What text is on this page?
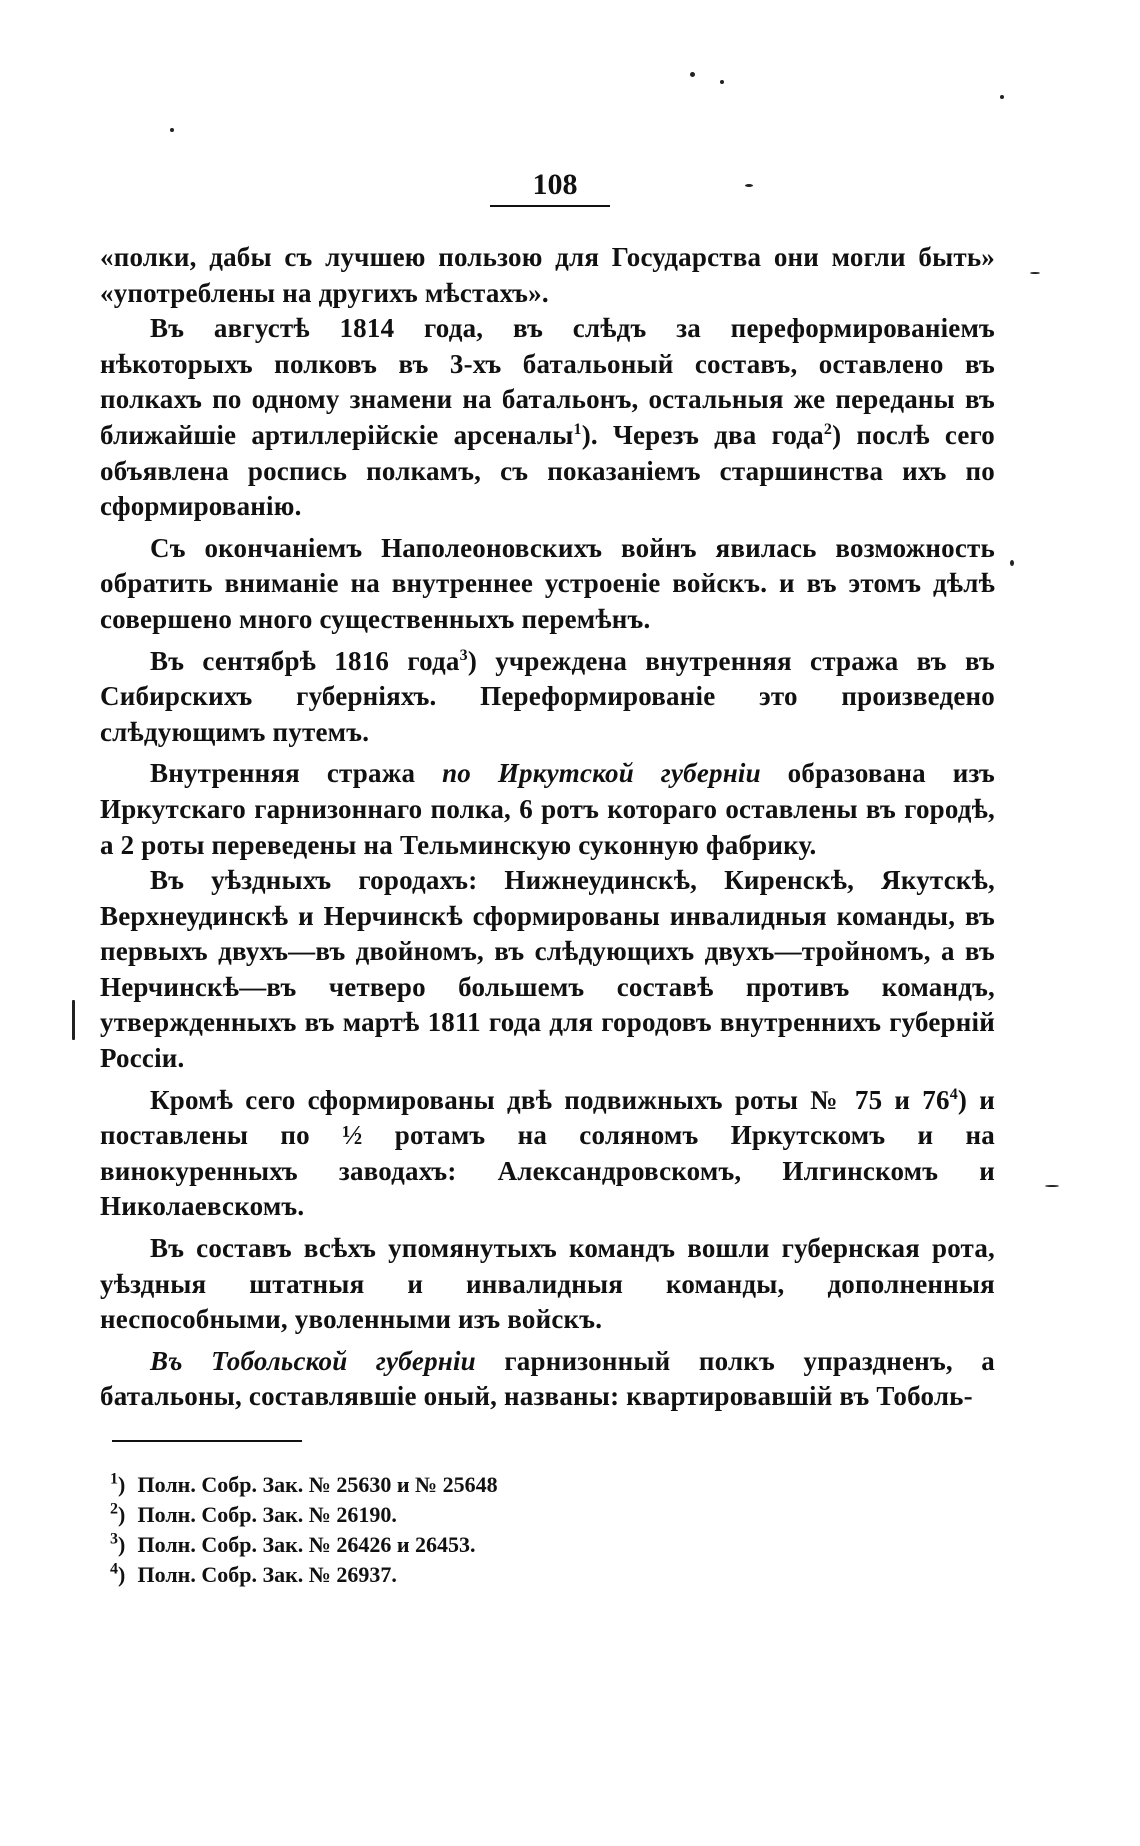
108

«полки, дабы съ лучшею пользою для Государства они могли быть» «употреблены на другихъ мѣстахъ».

Въ августѣ 1814 года, въ слѣдъ за переформированіемъ нѣкоторыхъ полковъ въ 3-хъ батальоный составъ, оставлено въ полкахъ по одному знамени на батальонъ, остальныя же переданы въ ближайшіе артиллерійскіе арсеналы$^1$). Черезъ два года$^2$) послѣ сего объявлена роспись полкамъ, съ показаніемъ старшинства ихъ по сформированію.

Съ окончаніемъ Наполеоновскихъ войнъ явилась возможность обратить вниманіе на внутреннее устроеніе войскъ. и въ этомъ дѣлѣ совершено много существенныхъ перемѣнъ.

Въ сентябрѣ 1816 года$^3$) учреждена внутренняя стража въ въ Сибирскихъ губерніяхъ. Переформированіе это произведено слѣдующимъ путемъ.

Внутренняя стража по Иркутской губерніи образована изъ Иркутскаго гарнизоннаго полка, 6 ротъ котораго оставлены въ городѣ, а 2 роты переведены на Тельминскую суконную фабрику.

Въ уѣздныхъ городахъ: Нижнеудинскѣ, Киренскѣ, Якутскѣ, Верхнеудинскѣ и Нерчинскѣ сформированы инвалидныя команды, въ первыхъ двухъ—въ двойномъ, въ слѣдующихъ двухъ—тройномъ, а въ Нерчинскѣ—въ четверо большемъ составѣ противъ командъ, утвержденныхъ въ мартѣ 1811 года для городовъ внутреннихъ губерній Россіи.

Кромѣ сего сформированы двѣ подвижныхъ роты № 75 и $76^4$) и поставлены по ½ ротамъ на соляномъ Иркутскомъ и на винокуренныхъ заводахъ: Александровскомъ, Илгинскомъ и Николаевскомъ.

Въ составъ всѣхъ упомянутыхъ командъ вошли губернская рота, уѣздныя штатныя и инвалидныя команды, дополненныя неспособными, уволенными изъ войскъ.

Въ Тобольской губерніи гарнизонный полкъ упраздненъ, а батальоны, составлявшіе оный, названы: квартировавшій въ Тоболь-

$^1$) Полн. Собр. Зак. № 25630 и № 25648
$^2$) Полн. Собр. Зак. № 26190.
$^3$) Полн. Собр. Зак. № 26426 и 26453.
$^4$) Полн. Собр. Зак. № 26937.
